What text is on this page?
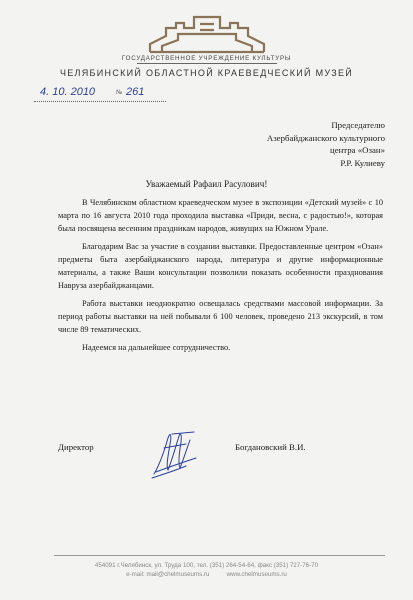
ГОСУДАРСТВЕННОЕ УЧРЕЖДЕНИЕ КУЛЬТУРЫ
ЧЕЛЯБИНСКИЙ ОБЛАСТНОЙ КРАЕВЕДЧЕСКИЙ МУЗЕЙ
4. 10. 2010	№ 261
Председателю
Азербайджанского культурного
центра «Озан»
Р.Р. Кулиеву
Уважаемый Рафаил Расулович!

В Челябинском областном краеведческом музее в экспозиции «Детский музей» с 10 марта по 16 августа 2010 года проходила выставка «Приди, весна, с радостью!», которая была посвящена весенним праздникам народов, живущих на Южном Урале.

Благодарим Вас за участие в создании выставки. Предоставленные центром «Озан» предметы быта азербайджанского народа, литература и другие информационные материалы, а также Ваши консультации позволили показать особенности празднования Наврузa азербайджанцами.

Работа выставки неоднократно освещалась средствами массовой информации. За период работы выставки на ней побывали 6 100 человек, проведено 213 экскурсий, в том числе 89 тематических.

Надеемся на дальнейшее сотрудничество.

Директор	Богдановский В.И.
454091 г.Челябинск, ул. Труда 100, тел. (351) 264-54-64, факс (351) 727-76-70
e-mail: mail@chelmuseums.ru          www.chelmuseums.ru
